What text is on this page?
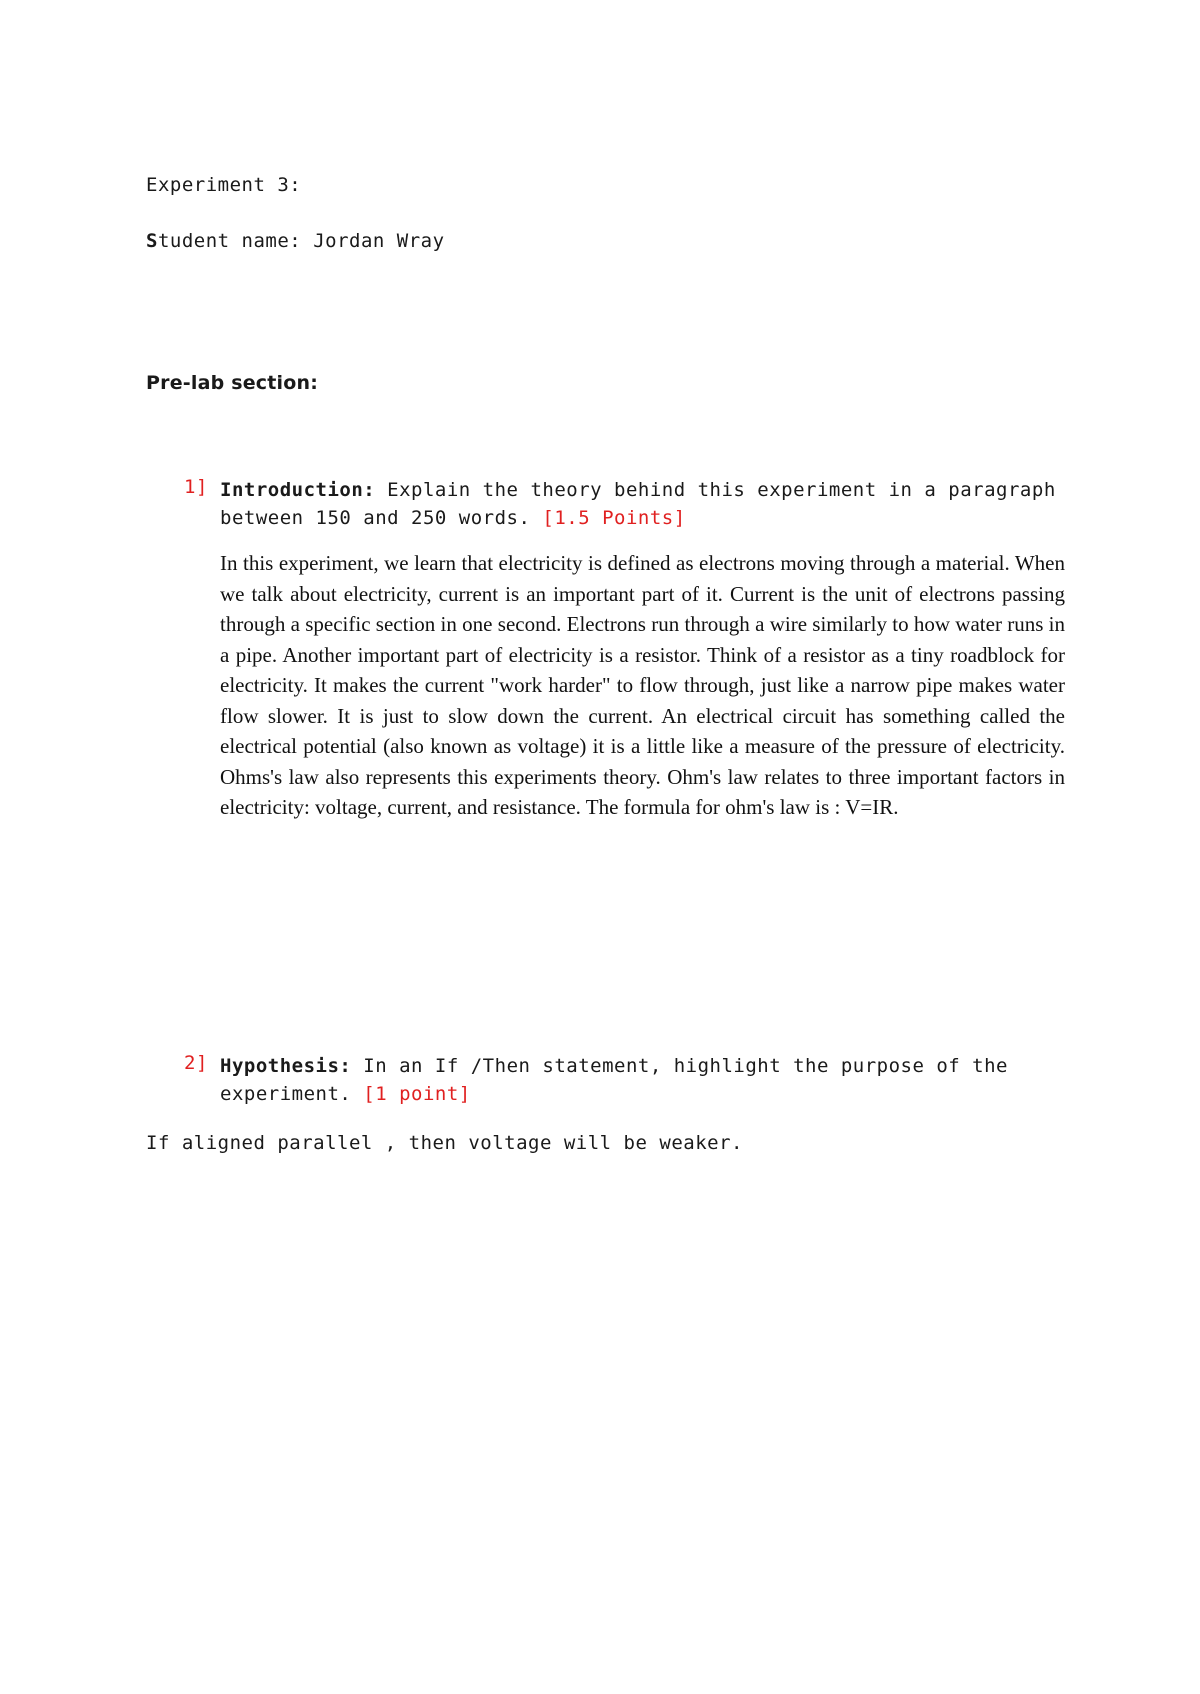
Experiment 3:
Student name: Jordan Wray
Pre-lab section:
1] Introduction: Explain the theory behind this experiment in a paragraph between 150 and 250 words. [1.5 Points]
In this experiment, we learn that electricity is defined as electrons moving through a material. When we talk about electricity, current is an important part of it. Current is the unit of electrons passing through a specific section in one second. Electrons run through a wire similarly to how water runs in a pipe. Another important part of electricity is a resistor. Think of a resistor as a tiny roadblock for electricity. It makes the current "work harder" to flow through, just like a narrow pipe makes water flow slower. It is just to slow down the current. An electrical circuit has something called the electrical potential (also known as voltage) it is a little like a measure of the pressure of electricity. Ohms's law also represents this experiments theory. Ohm's law relates to three important factors in electricity: voltage, current, and resistance. The formula for ohm's law is : V=IR.
2] Hypothesis: In an If /Then statement, highlight the purpose of the experiment. [1 point]
If aligned parallel , then voltage will be weaker.
